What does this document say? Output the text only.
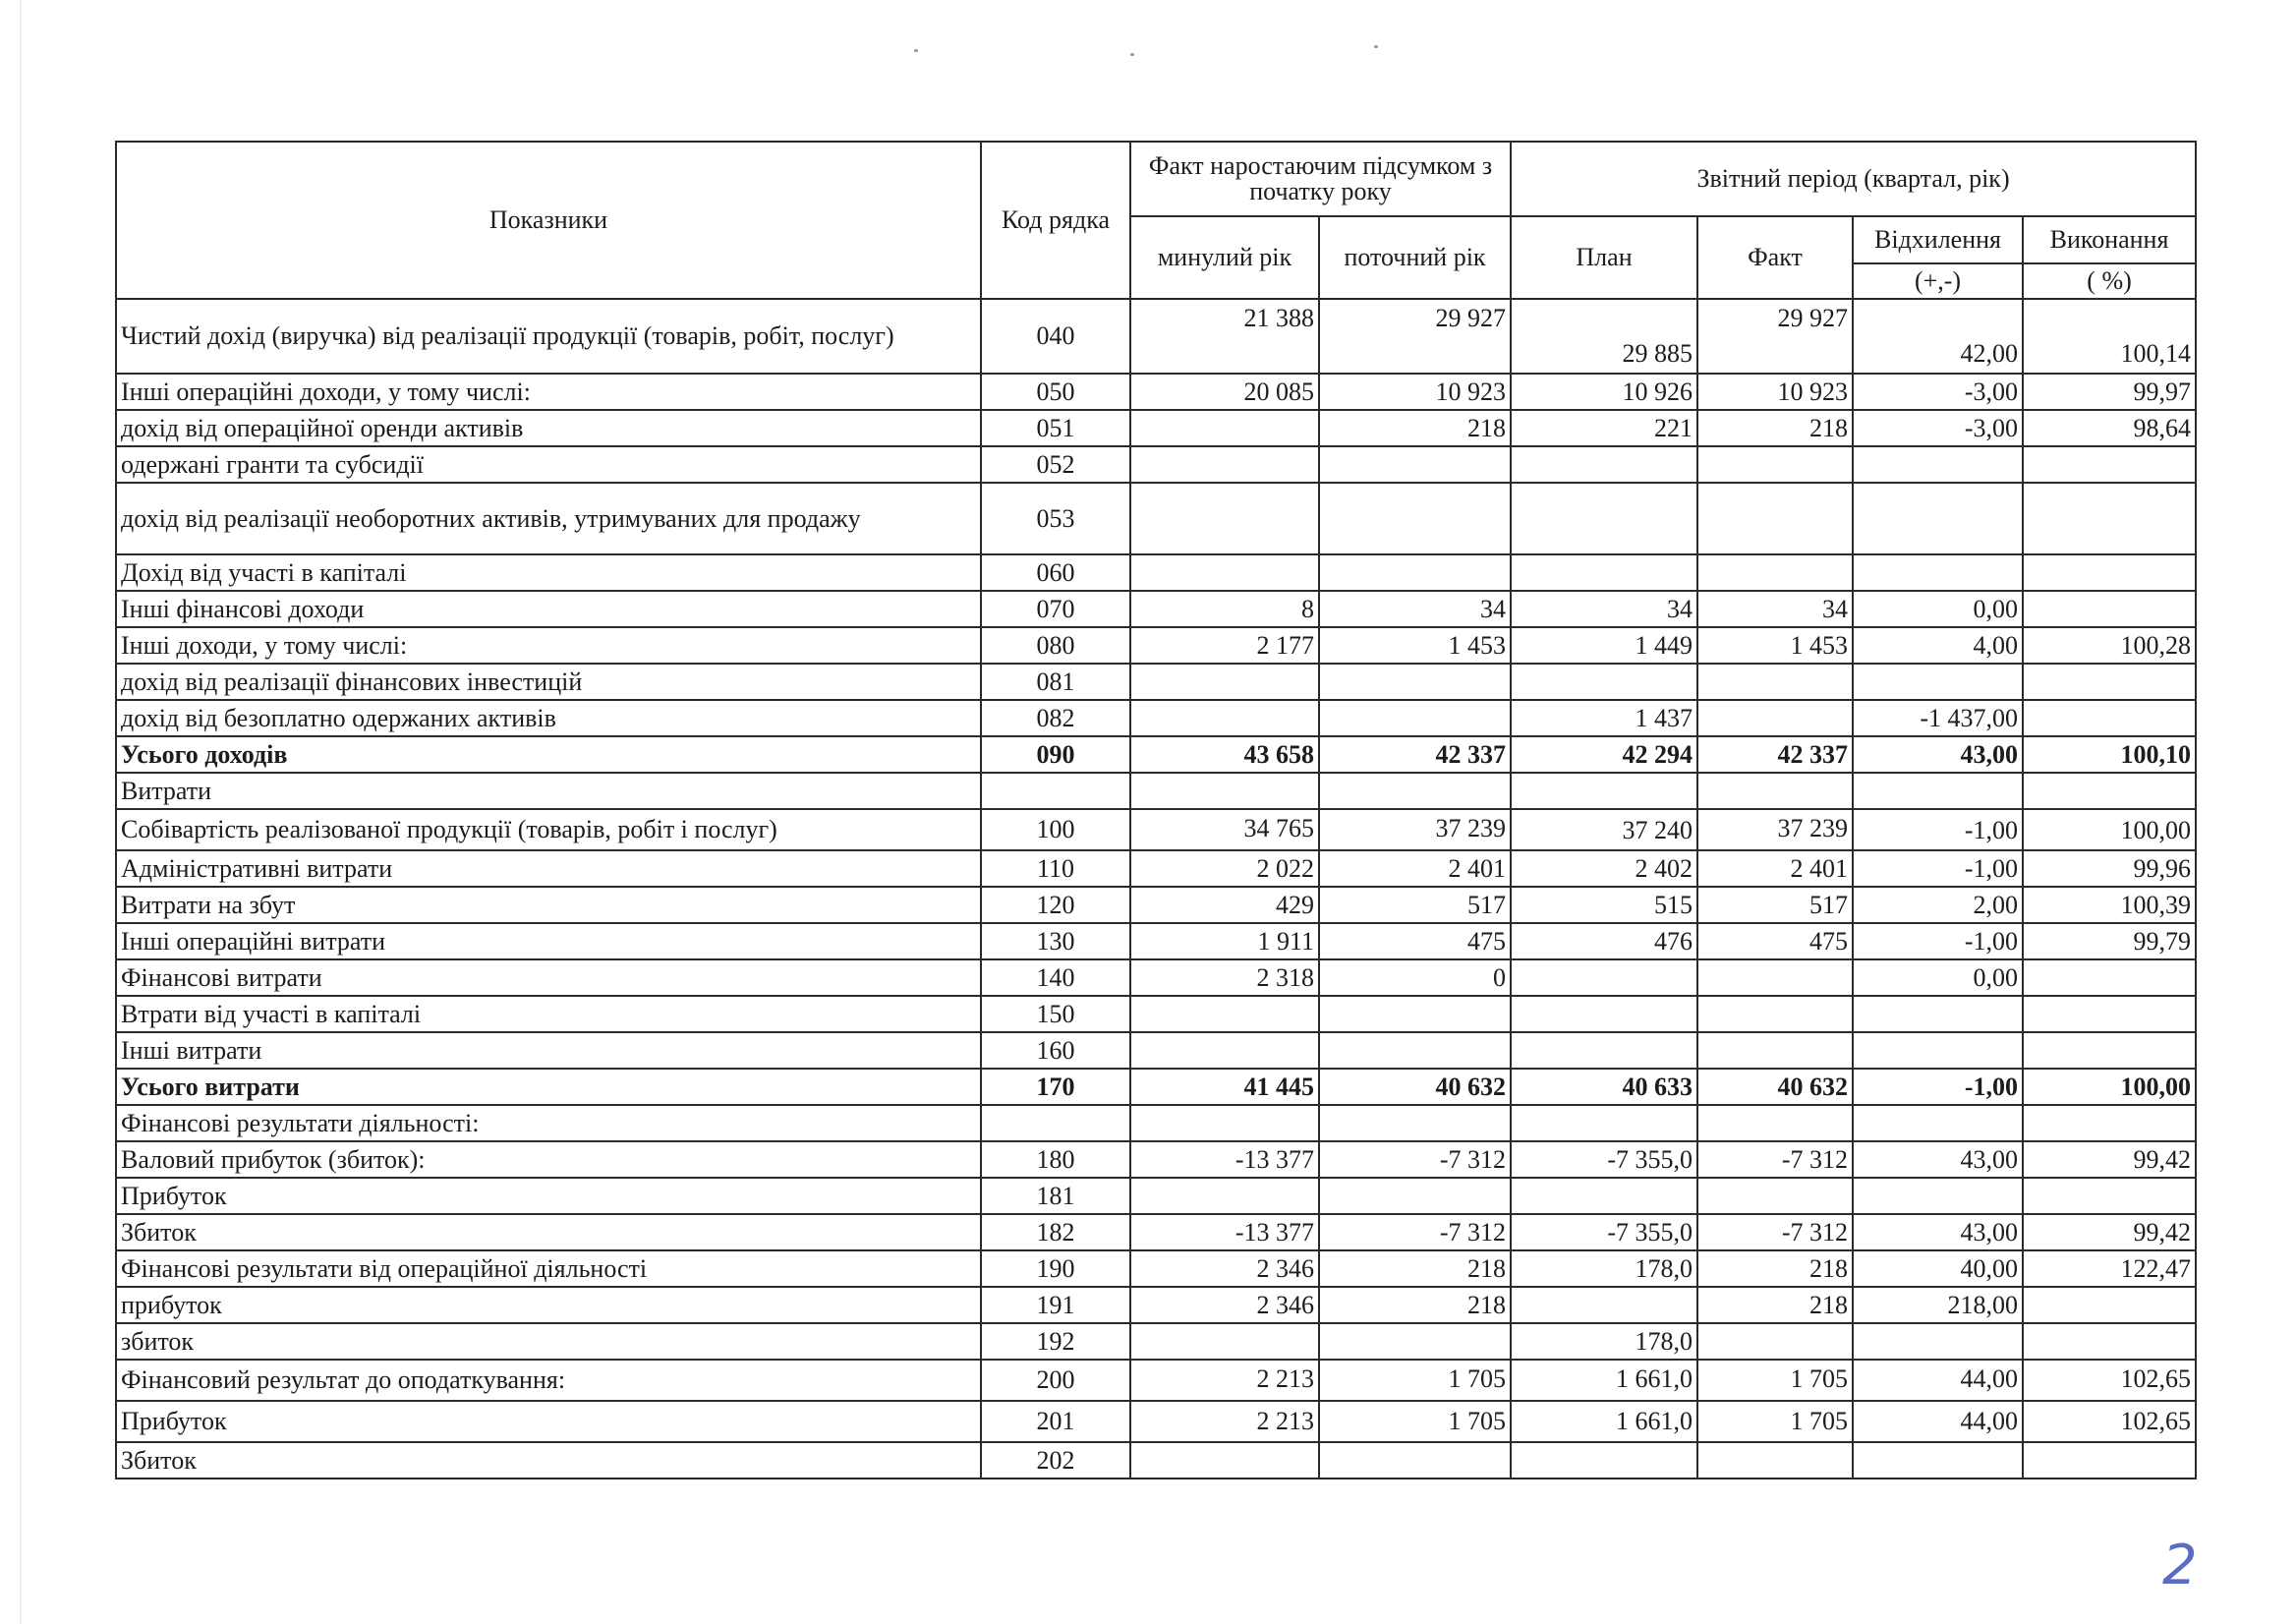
Показники	Код рядка	Факт наростаючим підсумком з початку року		Звітний період (квартал, рік)			
		минулий рік	поточний рік	План	Факт	Відхилення	Виконання
						(+,-)	( %)
Чистий дохід (виручка) від реалізації продукції (товарів, робіт, послуг)	040	21 388	29 927	29 885	29 927	42,00	100,14
Інші операційні доходи, у тому числі:	050	20 085	10 923	10 926	10 923	-3,00	99,97
дохід від операційної оренди активів	051		218	221	218	-3,00	98,64
одержані гранти та субсидії	052						
дохід від реалізації необоротних активів, утримуваних для продажу	053						
Дохід від участі в капіталі	060						
Інші фінансові доходи	070	8	34	34	34	0,00	
Інші доходи, у тому числі:	080	2 177	1 453	1 449	1 453	4,00	100,28
дохід від реалізації фінансових інвестицій	081						
дохід від безоплатно одержаних активів	082			1 437		-1 437,00	
Усього доходів	090	43 658	42 337	42 294	42 337	43,00	100,10
Витрати							
Собівартість реалізованої продукції (товарів, робіт і послуг)	100	34 765	37 239	37 240	37 239	-1,00	100,00
Адміністративні витрати	110	2 022	2 401	2 402	2 401	-1,00	99,96
Витрати на збут	120	429	517	515	517	2,00	100,39
Інші операційні витрати	130	1 911	475	476	475	-1,00	99,79
Фінансові витрати	140	2 318	0			0,00	
Втрати від участі в капіталі	150						
Інші витрати	160						
Усього витрати	170	41 445	40 632	40 633	40 632	-1,00	100,00
Фінансові результати діяльності:							
Валовий прибуток (збиток):	180	-13 377	-7 312	-7 355,0	-7 312	43,00	99,42
Прибуток	181						
Збиток	182	-13 377	-7 312	-7 355,0	-7 312	43,00	99,42
Фінансові результати від операційної діяльності	190	2 346	218	178,0	218	40,00	122,47
прибуток	191	2 346	218		218	218,00	
збиток	192			178,0			
Фінансовий результат до оподаткування:	200	2 213	1 705	1 661,0	1 705	44,00	102,65
Прибуток	201	2 213	1 705	1 661,0	1 705	44,00	102,65
Збиток	202						
2
